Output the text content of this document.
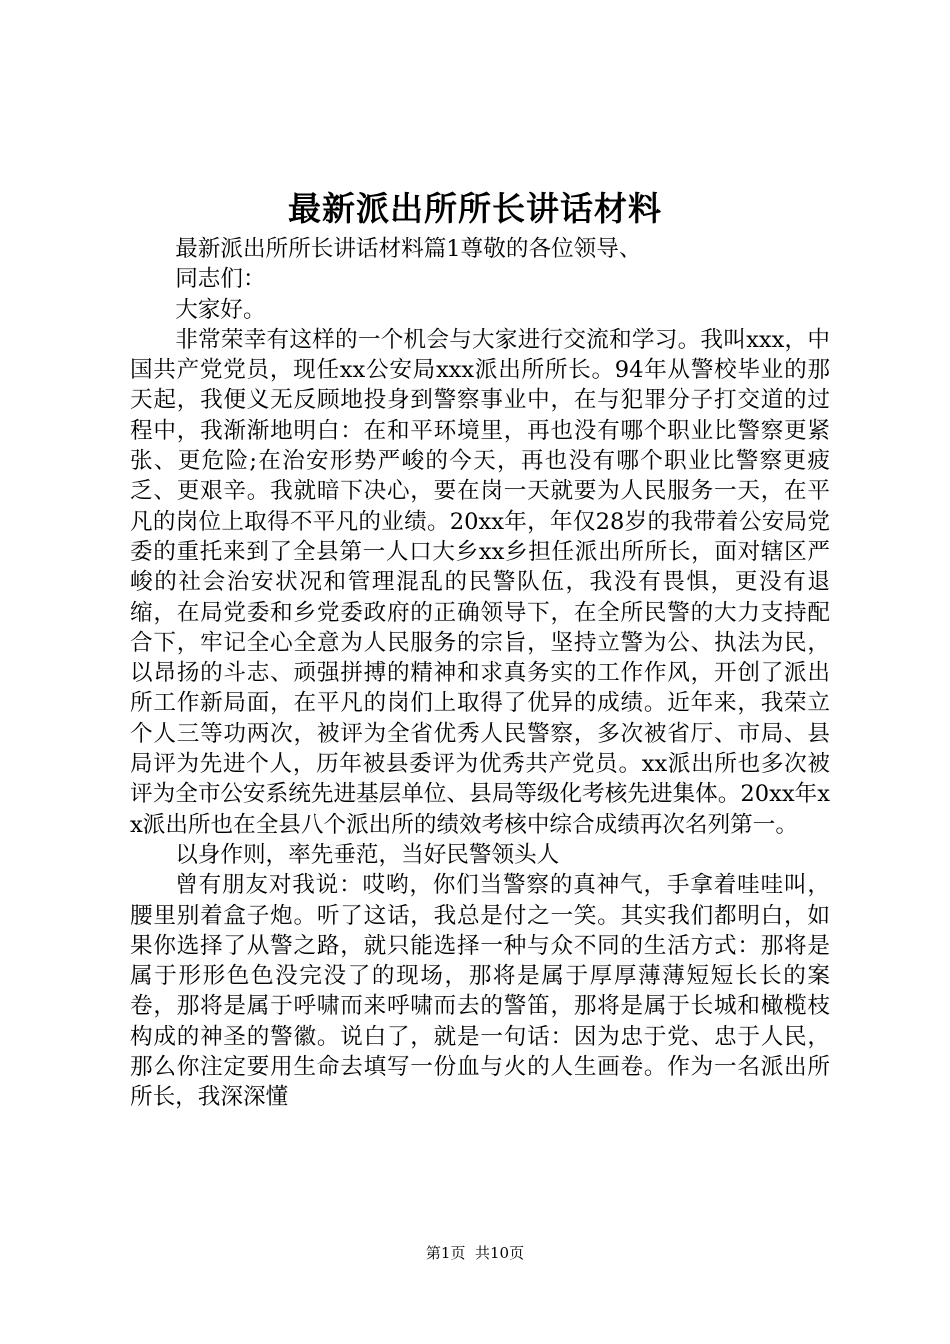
最新派出所所长讲话材料

最新派出所所长讲话材料篇1尊敬的各位领导、

同志们：

大家好。

非常荣幸有这样的一个机会与大家进行交流和学习。我叫xxx，中国共产党党员，现任xx公安局xxx派出所所长。94年从警校毕业的那天起，我便义无反顾地投身到警察事业中，在与犯罪分子打交道的过程中，我渐渐地明白：在和平环境里，再也没有哪个职业比警察更紧张、更危险;在治安形势严峻的今天，再也没有哪个职业比警察更疲乏、更艰辛。我就暗下决心，要在岗一天就要为人民服务一天，在平凡的岗位上取得不平凡的业绩。20xx年，年仅28岁的我带着公安局党委的重托来到了全县第一人口大乡xx乡担任派出所所长，面对辖区严峻的社会治安状况和管理混乱的民警队伍，我没有畏惧，更没有退缩，在局党委和乡党委政府的正确领导下，在全所民警的大力支持配合下，牢记全心全意为人民服务的宗旨，坚持立警为公、执法为民，以昂扬的斗志、顽强拼搏的精神和求真务实的工作作风，开创了派出所工作新局面，在平凡的岗们上取得了优异的成绩。近年来，我荣立个人三等功两次，被评为全省优秀人民警察，多次被省厅、市局、县局评为先进个人，历年被县委评为优秀共产党员。xx派出所也多次被评为全市公安系统先进基层单位、县局等级化考核先进集体。20xx年xx派出所也在全县八个派出所的绩效考核中综合成绩再次名列第一。

以身作则，率先垂范，当好民警领头人

曾有朋友对我说：哎哟，你们当警察的真神气，手拿着哇哇叫，腰里别着盒子炮。听了这话，我总是付之一笑。其实我们都明白，如果你选择了从警之路，就只能选择一种与众不同的生活方式：那将是属于形形色色没完没了的现场，那将是属于厚厚薄薄短短长长的案卷，那将是属于呼啸而来呼啸而去的警笛，那将是属于长城和橄榄枝构成的神圣的警徽。说白了，就是一句话：因为忠于党、忠于人民，那么你注定要用生命去填写一份血与火的人生画卷。作为一名派出所所长，我深深懂

第1页 共10页
